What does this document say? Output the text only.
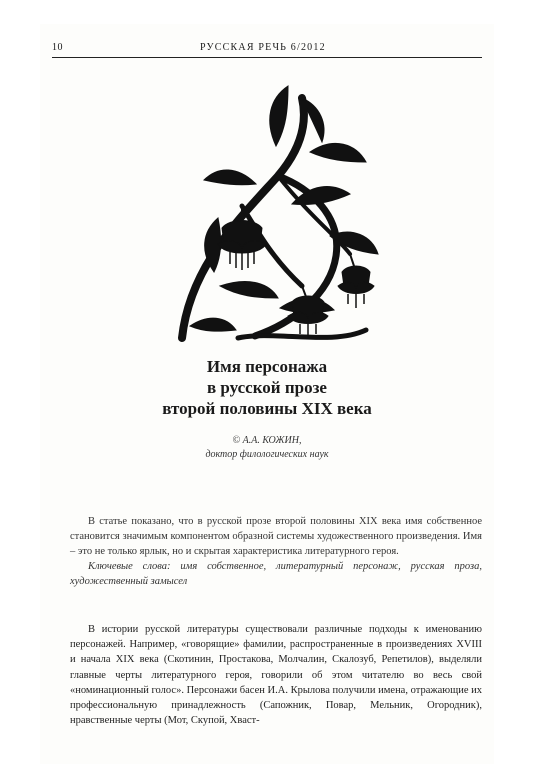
10	РУССКАЯ РЕЧЬ 6/2012
Имя персонажа
в русской прозе
второй половины XIX века
© А.А. КОЖИН,
доктор филологических наук

В статье показано, что в русской прозе второй половины XIX века имя собственное становится значимым компонентом образной системы художественного произведения. Имя – это не только ярлык, но и скрытая характеристика литературного героя.

Ключевые слова: имя собственное, литературный персонаж, русская проза, художественный замысел

В истории русской литературы существовали различные подходы к именованию персонажей. Например, «говорящие» фамилии, распространенные в произведениях XVIII и начала XIX века (Скотинин, Простакова, Молчалин, Скалозуб, Репетилов), выделяли главные черты литературного героя, говорили об этом читателю во весь свой «номинационный голос». Персонажи басен И.А. Крылова получили имена, отражающие их профессиональную принадлежность (Сапожник, Повар, Мельник, Огородник), нравственные черты (Мот, Скупой, Хваст-
